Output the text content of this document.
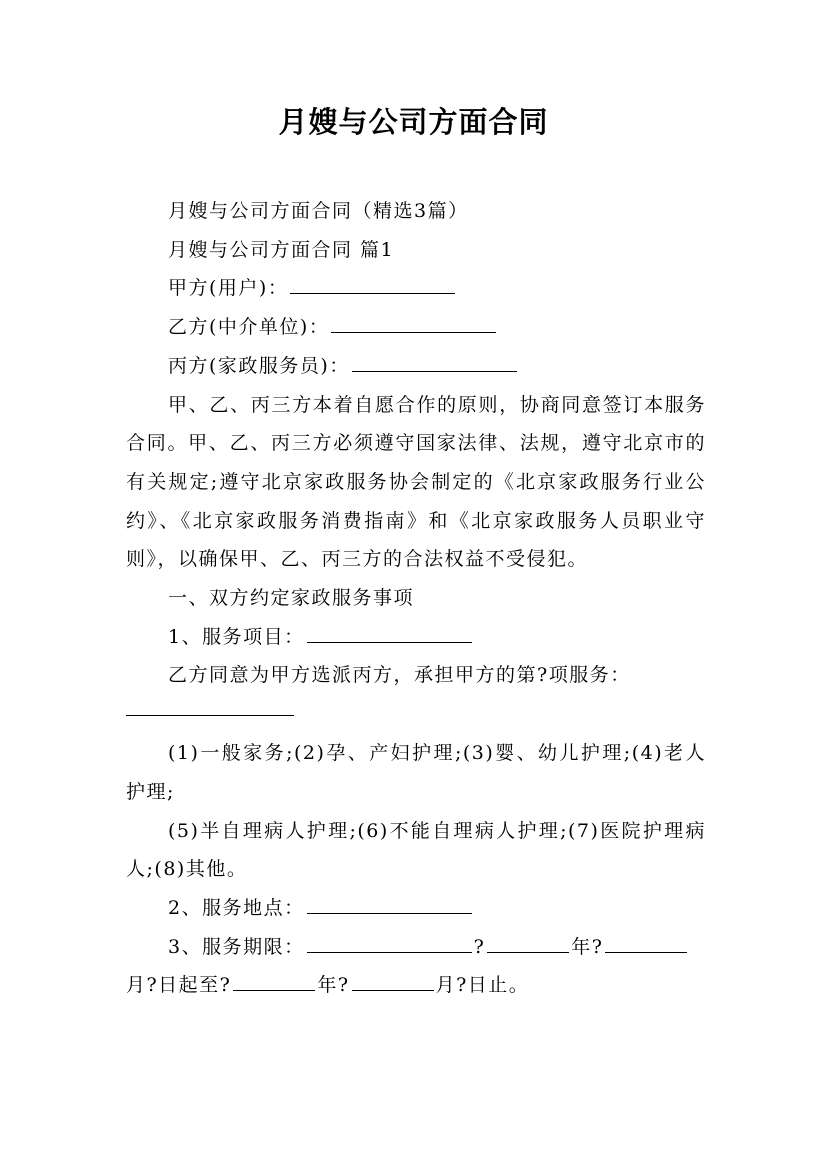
月嫂与公司方面合同

月嫂与公司方面合同（精选3篇）

月嫂与公司方面合同 篇1

甲方(用户)：

乙方(中介单位)：

丙方(家政服务员)：

甲、乙、丙三方本着自愿合作的原则，协商同意签订本服务合同。甲、乙、丙三方必须遵守国家法律、法规，遵守北京市的有关规定;遵守北京家政服务协会制定的《北京家政服务行业公约》、《北京家政服务消费指南》和《北京家政服务人员职业守则》，以确保甲、乙、丙三方的合法权益不受侵犯。

一、双方约定家政服务事项

1、服务项目：

乙方同意为甲方选派丙方，承担甲方的第?项服务：

(1)一般家务;(2)孕、产妇护理;(3)婴、幼儿护理;(4)老人护理;

(5)半自理病人护理;(6)不能自理病人护理;(7)医院护理病人;(8)其他。

2、服务地点：

3、服务期限：	?	年?月?日起至?	年?	月?日止。
